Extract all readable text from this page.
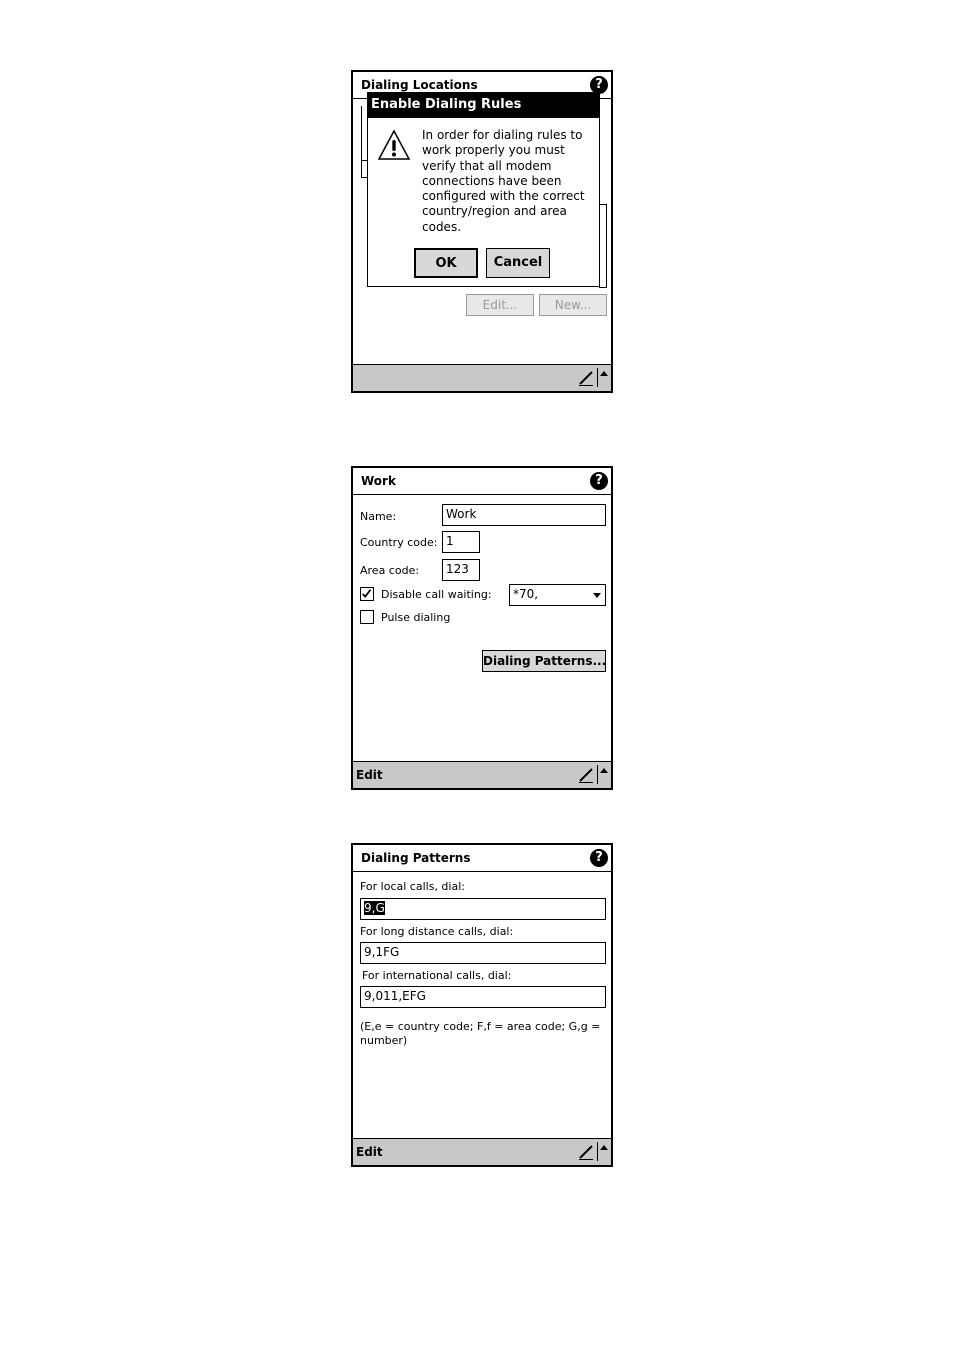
Dialing Locations	?
Edit...	New...
Enable Dialing Rules
In order for dialing rules to work properly you must verify that all modem connections have been configured with the correct country/region and area codes.
OK	Cancel
Work	?
Name:	Work
Country code: 1
Area code:	123
Disable call waiting:	*70,
Pulse dialing
Dialing Patterns...
Edit
Dialing Patterns	?
For local calls, dial:
9,G
For long distance calls, dial:
9,1FG
For international calls, dial:
9,011,EFG
(E,e = country code; F,f = area code; G,g = number)
Edit
